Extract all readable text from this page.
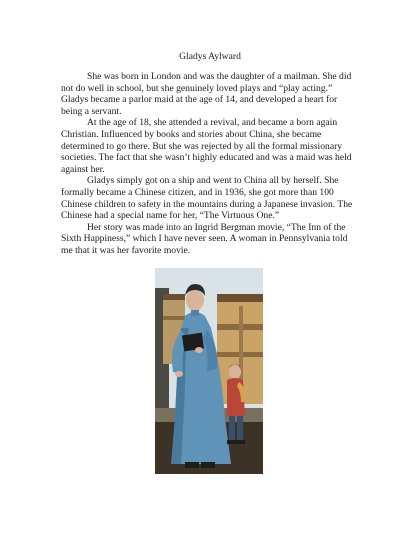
Gladys Aylward

She was born in London and was the daughter of a mailman. She did not do well in school, but she genuinely loved plays and “play acting.” Gladys became a parlor maid at the age of 14, and developed a heart for being a servant.

At the age of 18, she attended a revival, and became a born again Christian. Influenced by books and stories about China, she became determined to go there. But she was rejected by all the formal missionary societies. The fact that she wasn’t highly educated and was a maid was held against her.

Gladys simply got on a ship and went to China all by herself. She formally became a Chinese citizen, and in 1936, she got more than 100 Chinese children to safety in the mountains during a Japanese invasion. The Chinese had a special name for her, “The Virtuous One.”

Her story was made into an Ingrid Bergman movie, “The Inn of the Sixth Happiness,” which I have never seen. A woman in Pennsylvania told me that it was her favorite movie.
